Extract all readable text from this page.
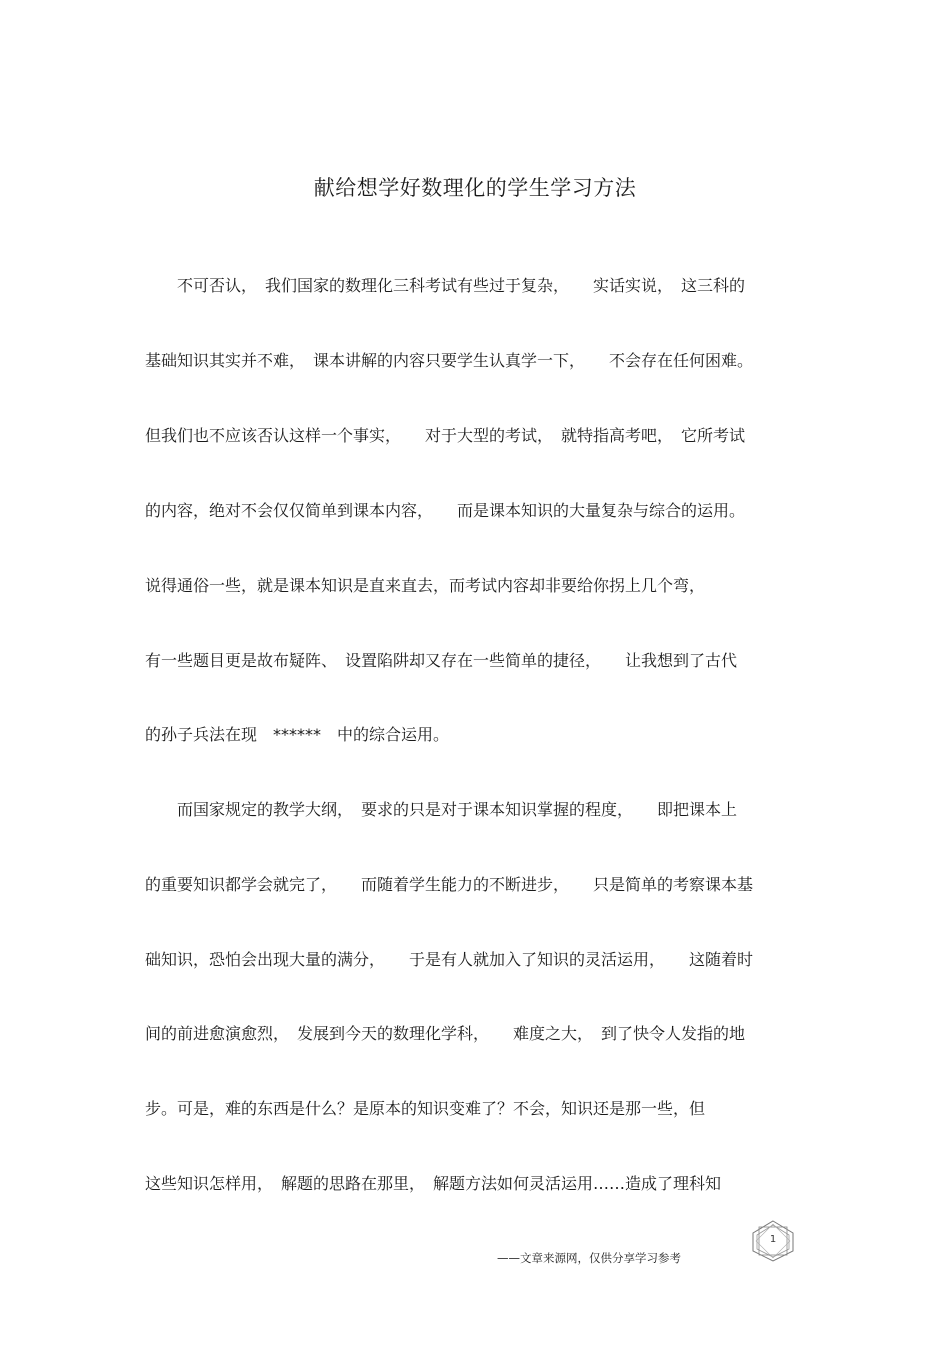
献给想学好数理化的学生学习方法
　　不可否认，　我们国家的数理化三科考试有些过于复杂，　　实话实说，　这三科的
基础知识其实并不难，　课本讲解的内容只要学生认真学一下，　　不会存在任何困难。
但我们也不应该否认这样一个事实，　　对于大型的考试，　就特指高考吧，　它所考试
的内容，绝对不会仅仅简单到课本内容，　　而是课本知识的大量复杂与综合的运用。
说得通俗一些，就是课本知识是直来直去，而考试内容却非要给你拐上几个弯，
有一些题目更是故布疑阵、　设置陷阱却又存在一些简单的捷径，　　让我想到了古代
的孙子兵法在现　******　中的综合运用。
　　而国家规定的教学大纲，　要求的只是对于课本知识掌握的程度，　　即把课本上
的重要知识都学会就完了，　　而随着学生能力的不断进步，　　只是简单的考察课本基
础知识，恐怕会出现大量的满分，　　于是有人就加入了知识的灵活运用，　　这随着时
间的前进愈演愈烈，　发展到今天的数理化学科，　　难度之大，　到了快令人发指的地
步。可是，难的东西是什么？是原本的知识变难了？不会，知识还是那一些，但
这些知识怎样用，　解题的思路在那里，　解题方法如何灵活运用……造成了理科知
1
——文章来源网，仅供分享学习参考
